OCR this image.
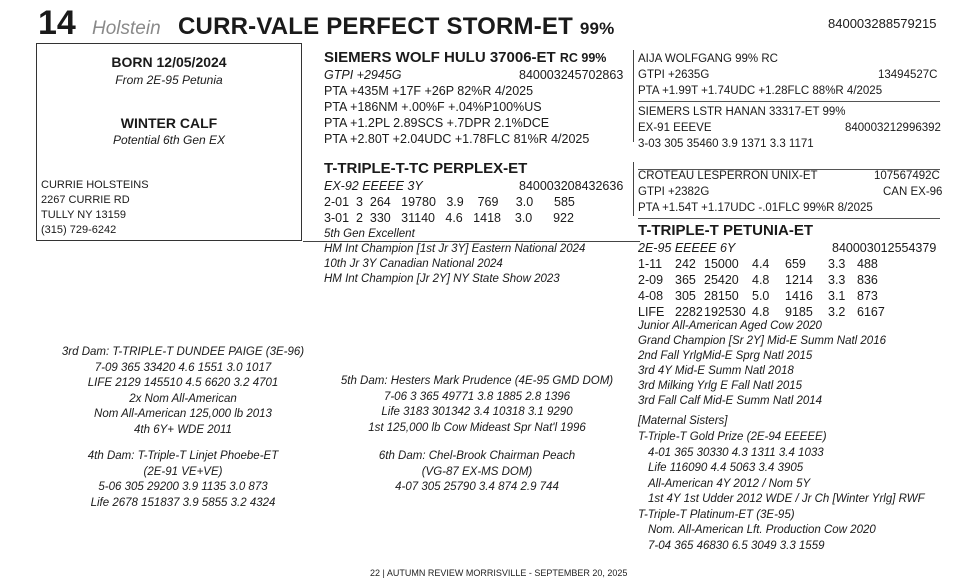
14 Holstein CURR-VALE PERFECT STORM-ET 99%	840003288579215
BORN 12/05/2024
From 2E-95 Petunia
WINTER CALF
Potential 6th Gen EX
CURRIE HOLSTEINS
2267 CURRIE RD
TULLY NY 13159
(315) 729-6242
SIEMERS WOLF HULU 37006-ET RC 99%
GTPI +2945G	840003245702863
PTA +435M +17F +26P 82%R 4/2025
PTA +186NM +.00%F +.04%P100%US
PTA +1.2PL 2.89SCS +.7DPR 2.1%DCE
PTA +2.80T +2.04UDC +1.78FLC 81%R 4/2025
AIJA WOLFGANG 99% RC
GTPI +2635G	13494527C
PTA +1.99T +1.74UDC +1.28FLC 88%R 4/2025
SIEMERS LSTR HANAN 33317-ET 99%
EX-91 EEEVE	840003212996392
3-03 305 35460 3.9 1371 3.3 1171
T-TRIPLE-T-TC PERPLEX-ET
EX-92 EEEEE 3Y	840003208432636
2-01  3  264   19780   3.9    769     3.0      585
3-01  2  330   31140   4.6   1418    3.0      922
5th Gen Excellent
HM Int Champion [1st Jr 3Y] Eastern National 2024
10th Jr 3Y Canadian National 2024
HM Int Champion [Jr 2Y] NY State Show 2023
CROTEAU LESPERRON UNIX-ET	107567492C
GTPI +2382G	CAN EX-96
PTA +1.54T +1.17UDC -.01FLC 99%R 8/2025
T-TRIPLE-T PETUNIA-ET
2E-95 EEEEE 6Y	840003012554379
1-11 242 15000 4.4 659 3.3 488
2-09 365 25420 4.8 1214 3.3 836
4-08 305 28150 5.0 1416 3.1 873
LIFE 2282 192530 4.8 9185 3.2 6167
Junior All-American Aged Cow 2020
Grand Champion [Sr 2Y] Mid-E Summ Natl 2016
2nd Fall YrlgMid-E Sprg Natl 2015
3rd 4Y Mid-E Summ Natl 2018
3rd Milking Yrlg E Fall Natl 2015
3rd Fall Calf Mid-E Summ Natl 2014
[Maternal Sisters]
T-Triple-T Gold Prize (2E-94 EEEEE)
4-01 365 30330 4.3 1311 3.4 1033
Life 116090 4.4 5063 3.4 3905
All-American 4Y 2012 / Nom 5Y
1st 4Y 1st Udder 2012 WDE / Jr Ch [Winter Yrlg] RWF
T-Triple-T Platinum-ET (3E-95)
Nom. All-American Lft. Production Cow 2020
7-04 365 46830 6.5 3049 3.3 1559
3rd Dam: T-TRIPLE-T DUNDEE PAIGE (3E-96)
7-09 365 33420 4.6 1551 3.0 1017
LIFE 2129 145510 4.5 6620 3.2 4701
2x Nom All-American
Nom All-American 125,000 lb 2013
4th 6Y+ WDE 2011
4th Dam: T-Triple-T Linjet Phoebe-ET
(2E-91 VE+VE)
5-06 305 29200 3.9 1135 3.0 873
Life 2678 151837 3.9 5855 3.2 4324
5th Dam: Hesters Mark Prudence (4E-95 GMD DOM)
7-06 3 365 49771 3.8 1885 2.8 1396
Life 3183 301342 3.4 10318 3.1 9290
1st 125,000 lb Cow Mideast Spr Nat'l 1996
6th Dam: Chel-Brook Chairman Peach
(VG-87 EX-MS DOM)
4-07 305 25790 3.4 874 2.9 744
22 | AUTUMN REVIEW MORRISVILLE - SEPTEMBER 20, 2025
